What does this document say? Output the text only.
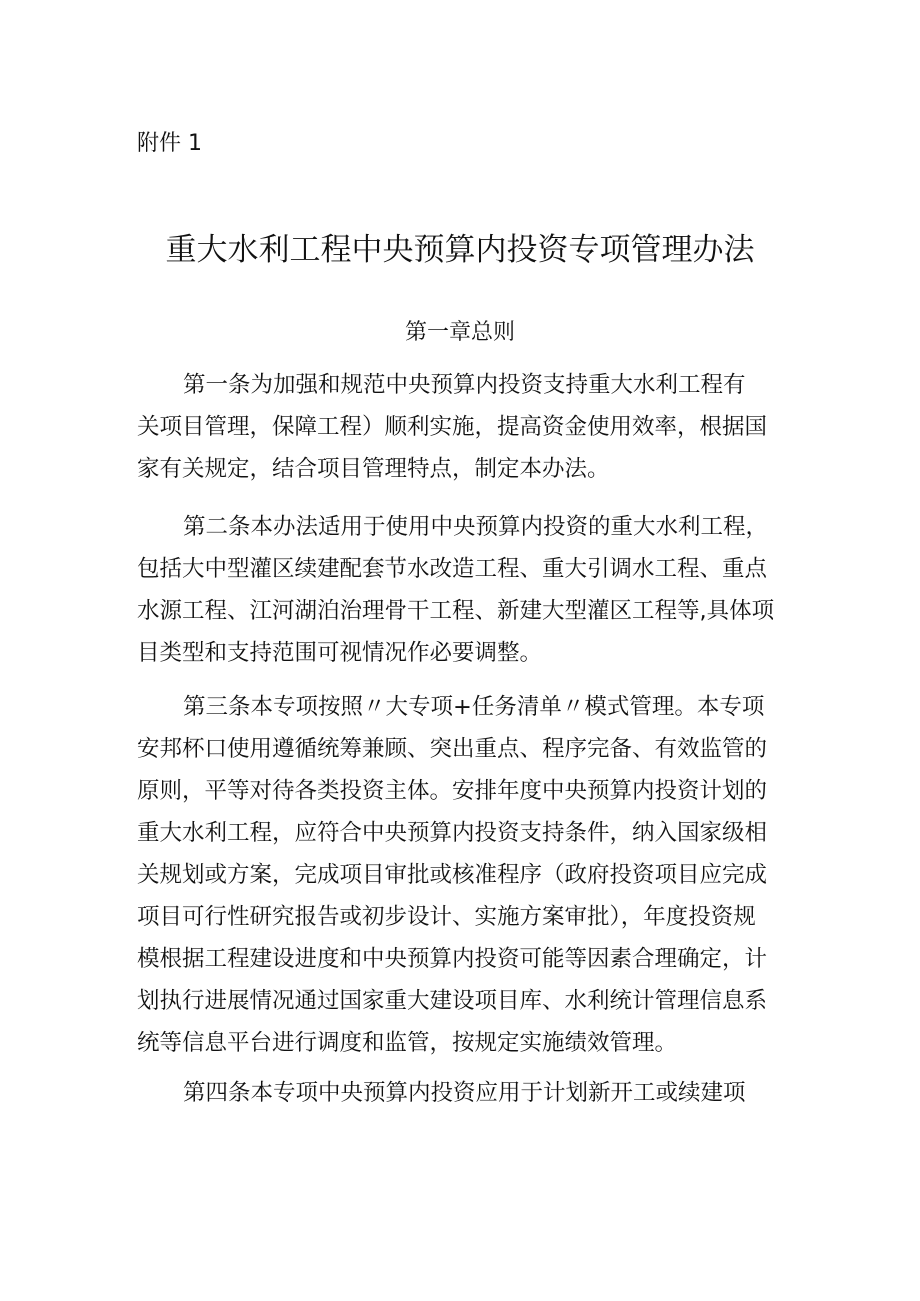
附件 1
重大水利工程中央预算内投资专项管理办法
第一章总则
第一条为加强和规范中央预算内投资支持重大水利工程有
关项目管理，保障工程）顺利实施，提高资金使用效率，根据国
家有关规定，结合项目管理特点，制定本办法。
第二条本办法适用于使用中央预算内投资的重大水利工程，
包括大中型灌区续建配套节水改造工程、重大引调水工程、重点
水源工程、江河湖泊治理骨干工程、新建大型灌区工程等,具体项
目类型和支持范围可视情况作必要调整。
第三条本专项按照〃大专项+任务清单〃模式管理。本专项
安邦杯口使用遵循统筹兼顾、突出重点、程序完备、有效监管的
原则，平等对待各类投资主体。安排年度中央预算内投资计划的
重大水利工程，应符合中央预算内投资支持条件，纳入国家级相
关规划或方案，完成项目审批或核准程序（政府投资项目应完成
项目可行性研究报告或初步设计、实施方案审批），年度投资规
模根据工程建设进度和中央预算内投资可能等因素合理确定，计
划执行进展情况通过国家重大建设项目库、水利统计管理信息系
统等信息平台进行调度和监管，按规定实施绩效管理。
第四条本专项中央预算内投资应用于计划新开工或续建项
